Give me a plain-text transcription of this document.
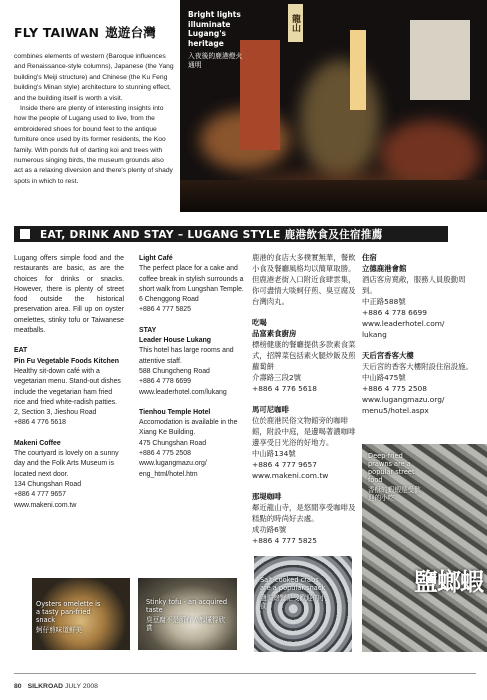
FLY TAIWAN 遨遊台灣

combines elements of western (Baroque influences and Renaissance-style columns), Japanese (the Yang building's Meiji structure) and Chinese (the Ku Feng building's Minan style) architecture to stunning effect, and the building itself is worth a visit.

Inside there are plenty of interesting insights into how the people of Lugang used to live, from the embroidered shoes for bound feet to the antique furniture once used by its former residents, the Koo family. With ponds full of darting koi and trees with numerous singing birds, the museum grounds also act as a relaxing diversion and there's plenty of shady spots in which to rest.

龍山
Bright lights illuminate Lugang's heritage
入夜後的鹿港燈火通明
EAT, DRINK AND STAY – LUGANG STYLE 鹿港飲食及住宿推薦

Lugang offers simple food and the restaurants are basic, as are the choices for drinks or snacks. However, there is plenty of street food outside the historical preservation area. Fill up on oyster omelettes, stinky tofu or Taiwanese meatballs.

EAT

Pin Fu Vegetable Foods Kitchen

Healthy sit-down café with a vegetarian menu. Stand-out dishes include the vegetarian ham fried rice and fried white-radish patties.

2, Section 3, Jieshou Road

+886 4 776 5618

Makeni Coffee

The courtyard is lovely on a sunny day and the Folk Arts Museum is located next door.

134 Chungshan Road

+886 4 777 9657

www.makeni.com.tw

Light Café

The perfect place for a cake and coffee break in stylish surrounds a short walk from Lungshan Temple.

6 Chenggong Road

+886 4 777 5825

STAY

Leader House Lukang

This hotel has large rooms and attentive staff.

588 Chungcheng Road

+886 4 778 6699

www.leaderhotel.com/lukang

Tienhou Temple Hotel

Accomodation is available in the Xiang Ke Building.

475 Chungshan Road

+886 4 775 2508

www.lugangmazu.org/

eng_html/hotel.htm

鹿港的食店大多樸實無華，餐飲小食及餐廳風格均以簡單取勝。但鹿港老街入口附近食肆雲集，你可盡情大啖蚵仔煎、臭豆腐及台灣肉丸。

吃喝

品富素食廚房

標榜健康的餐廳提供多款素食菜式，招牌菜包括素火腿炒飯及煎蘿蔔餅

介壽路三段2號

+886 4 776 5618

馬可尼咖啡

位於鹿港民俗文物館旁的咖啡館，附設中庭，是邊喝著濃咖啡邊享受日光浴的好地方。

中山路134號

+886 4 777 9657

www.makeni.com.tw

那堤咖啡

鄰近龍山寺，是悠閒享受咖啡及糕點的時尚好去處。

成功路6號

+886 4 777 5825

住宿

立德鹿港會館

酒店客房寬敞，服務人員殷勤周到。

中正路588號

+886 4 778 6699

www.leaderhotel.com/

lukang

天后宮香客大樓

天后宮的香客大樓附設住宿設施。

中山路475號

+886 4 775 2508

www.lugangmazu.org/

menu5/hotel.aspx

Oysters omelette is a tasty pan-fried snack
蚵仔煎味道鮮美
Stinky tofu - an acquired taste
臭豆腐不是所有人都懂得欣賞
Salt-cooked crabs are a popular snack
鹽焗螃蟹是受歡迎的小食
Deep-fried prawns are a popular street food
香酥的蝦蝦是受歡迎的小吃
鹽螂蝦
80 SILKROAD JULY 2008
